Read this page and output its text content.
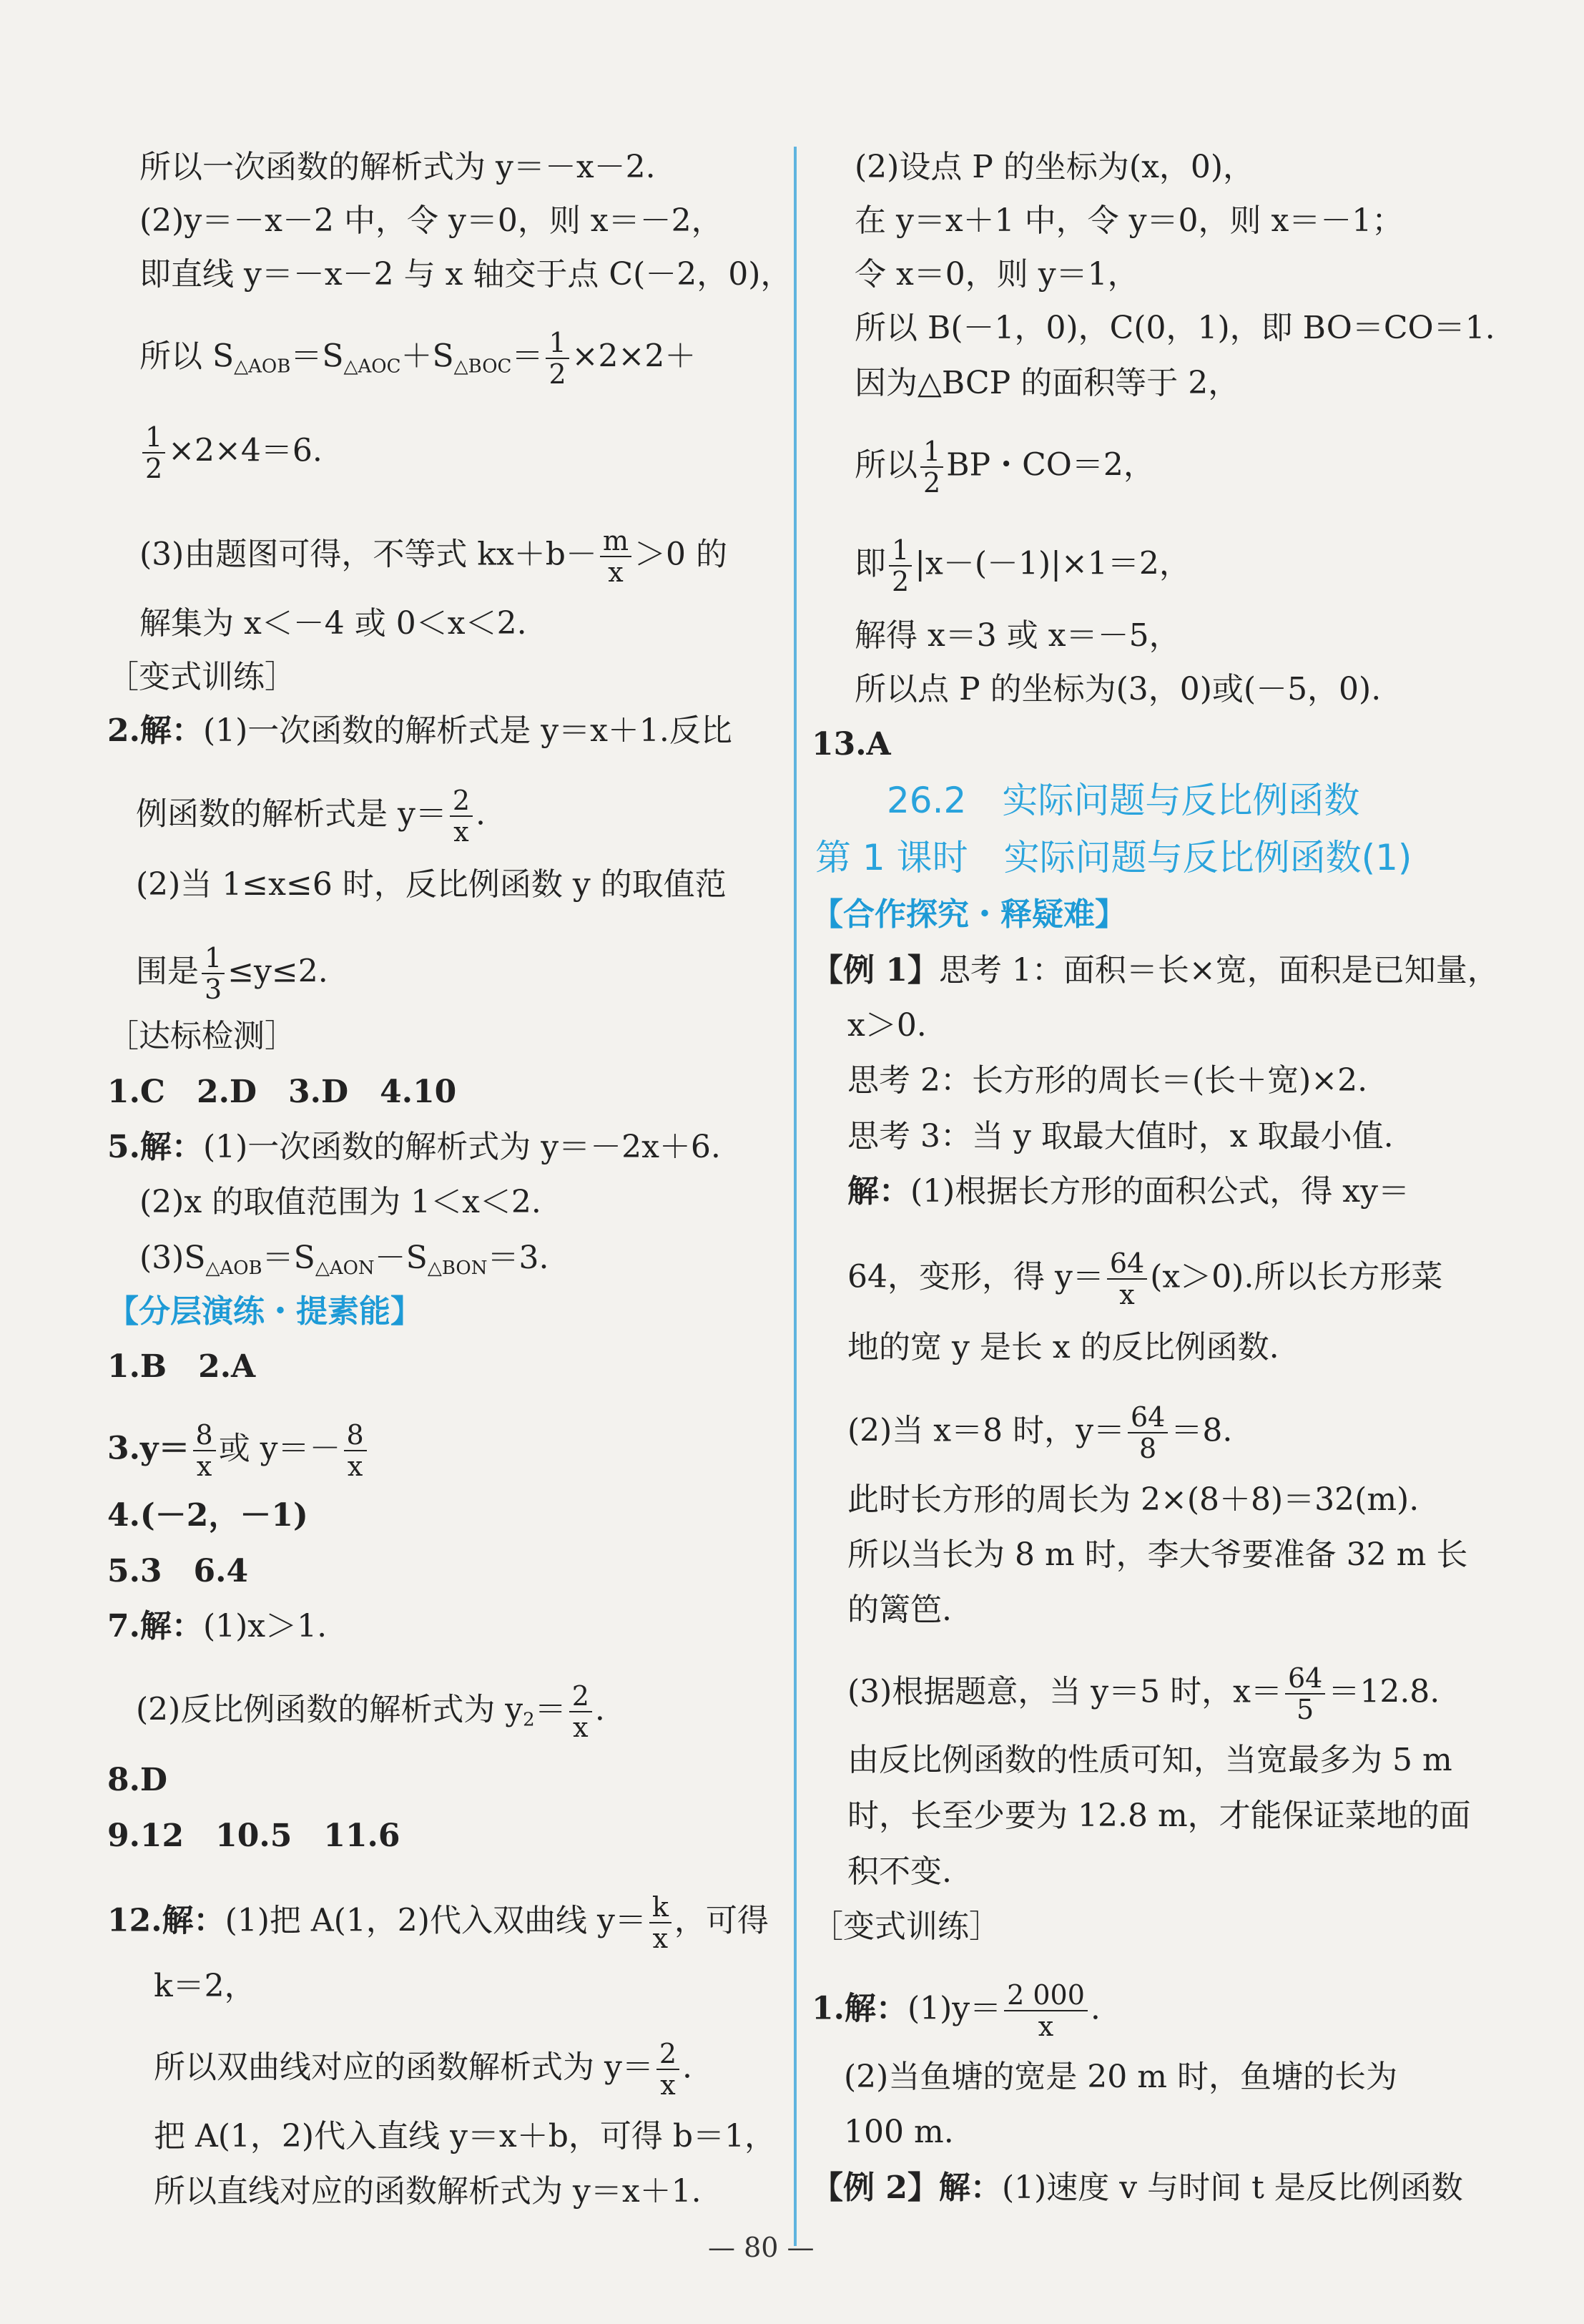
所以一次函数的解析式为 y＝－x－2.
(2)y＝－x－2 中，令 y＝0，则 x＝－2，
即直线 y＝－x－2 与 x 轴交于点 C(－2，0)，
所以 $S_{\triangle AOB}=S_{\triangle AOC}+S_{\triangle BOC}= \frac{1}{2} \times 2\times 2+$
$\frac{1}{2} \times 2\times 4=6$.
(3)由题图可得，不等式 $kx+b- \frac{m}{x} >0$ 的
解集为 x＜－4 或 0＜x＜2.
［变式训练］
2.解：(1)一次函数的解析式是 y＝x＋1.反比
例函数的解析式是 $y= \frac{2}{x}$ .
(2)当 1≤x≤6 时，反比例函数 y 的取值范
围是 $\frac{1}{3} \le y\le 2$.
［达标检测］
1.C　2.D　3.D　4.10
5.解：(1)一次函数的解析式为 y＝－2x＋6.
(2)x 的取值范围为 1＜x＜2.
$(3)S_{\triangle AOB}=S_{\triangle AON}-S_{\triangle BON}=3$.
【分层演练・提素能】
1.B　2.A
$3.y= \frac{8}{x}$ 或 $y=- \frac{8}{x}$
4.(－2，－1)
5.3　6.4
7.解：(1)x＞1.
(2)反比例函数的解析式为 $y_2= \frac{2}{x}$ .
8.D
9.12　10.5　11.6
12.解：(1)把 A(1，2)代入双曲线 $y= \frac{k}{x}$ ，可得
k＝2，
所以双曲线对应的函数解析式为 $y= \frac{2}{x}$ .
把 A(1，2)代入直线 y＝x＋b，可得 b＝1，
所以直线对应的函数解析式为 y＝x＋1.
(2)设点 P 的坐标为(x，0)，
在 y＝x＋1 中，令 y＝0，则 x＝－1；
令 x＝0，则 y＝1，
所以 B(－1，0)，C(0，1)，即 BO＝CO＝1.
因为△BCP 的面积等于 2，
所以 $\frac{1}{2}$ BP・CO＝2，
即 $\frac{1}{2} |x-(-1)|\times 1=2$，
解得 x＝3 或 x＝－5，
所以点 P 的坐标为(3，0)或(－5，0).
13.A
26.2　实际问题与反比例函数
第 1 课时　实际问题与反比例函数(1)
【合作探究・释疑难】
【例 1】思考 1：面积＝长×宽，面积是已知量，
x＞0.
思考 2：长方形的周长＝(长＋宽)×2.
思考 3：当 y 取最大值时，x 取最小值.
解：(1)根据长方形的面积公式，得 xy＝
64，变形，得 $y= \frac{64}{x} (x>0)$.所以长方形菜
地的宽 y 是长 x 的反比例函数.
(2)当 x＝8 时，$y= \frac{64}{8} =8$.
此时长方形的周长为 2×(8＋8)＝32(m).
所以当长为 8 m 时，李大爷要准备 32 m 长
的篱笆.
(3)根据题意，当 y＝5 时，$x= \frac{64}{5} =12.8$.
由反比例函数的性质可知，当宽最多为 5 m
时，长至少要为 12.8 m，才能保证菜地的面
积不变.
［变式训练］
1.解：$(1)y= \frac{2 000}{x}$ .
(2)当鱼塘的宽是 20 m 时，鱼塘的长为
100 m.
【例 2】解：(1)速度 v 与时间 t 是反比例函数
— 80 —
